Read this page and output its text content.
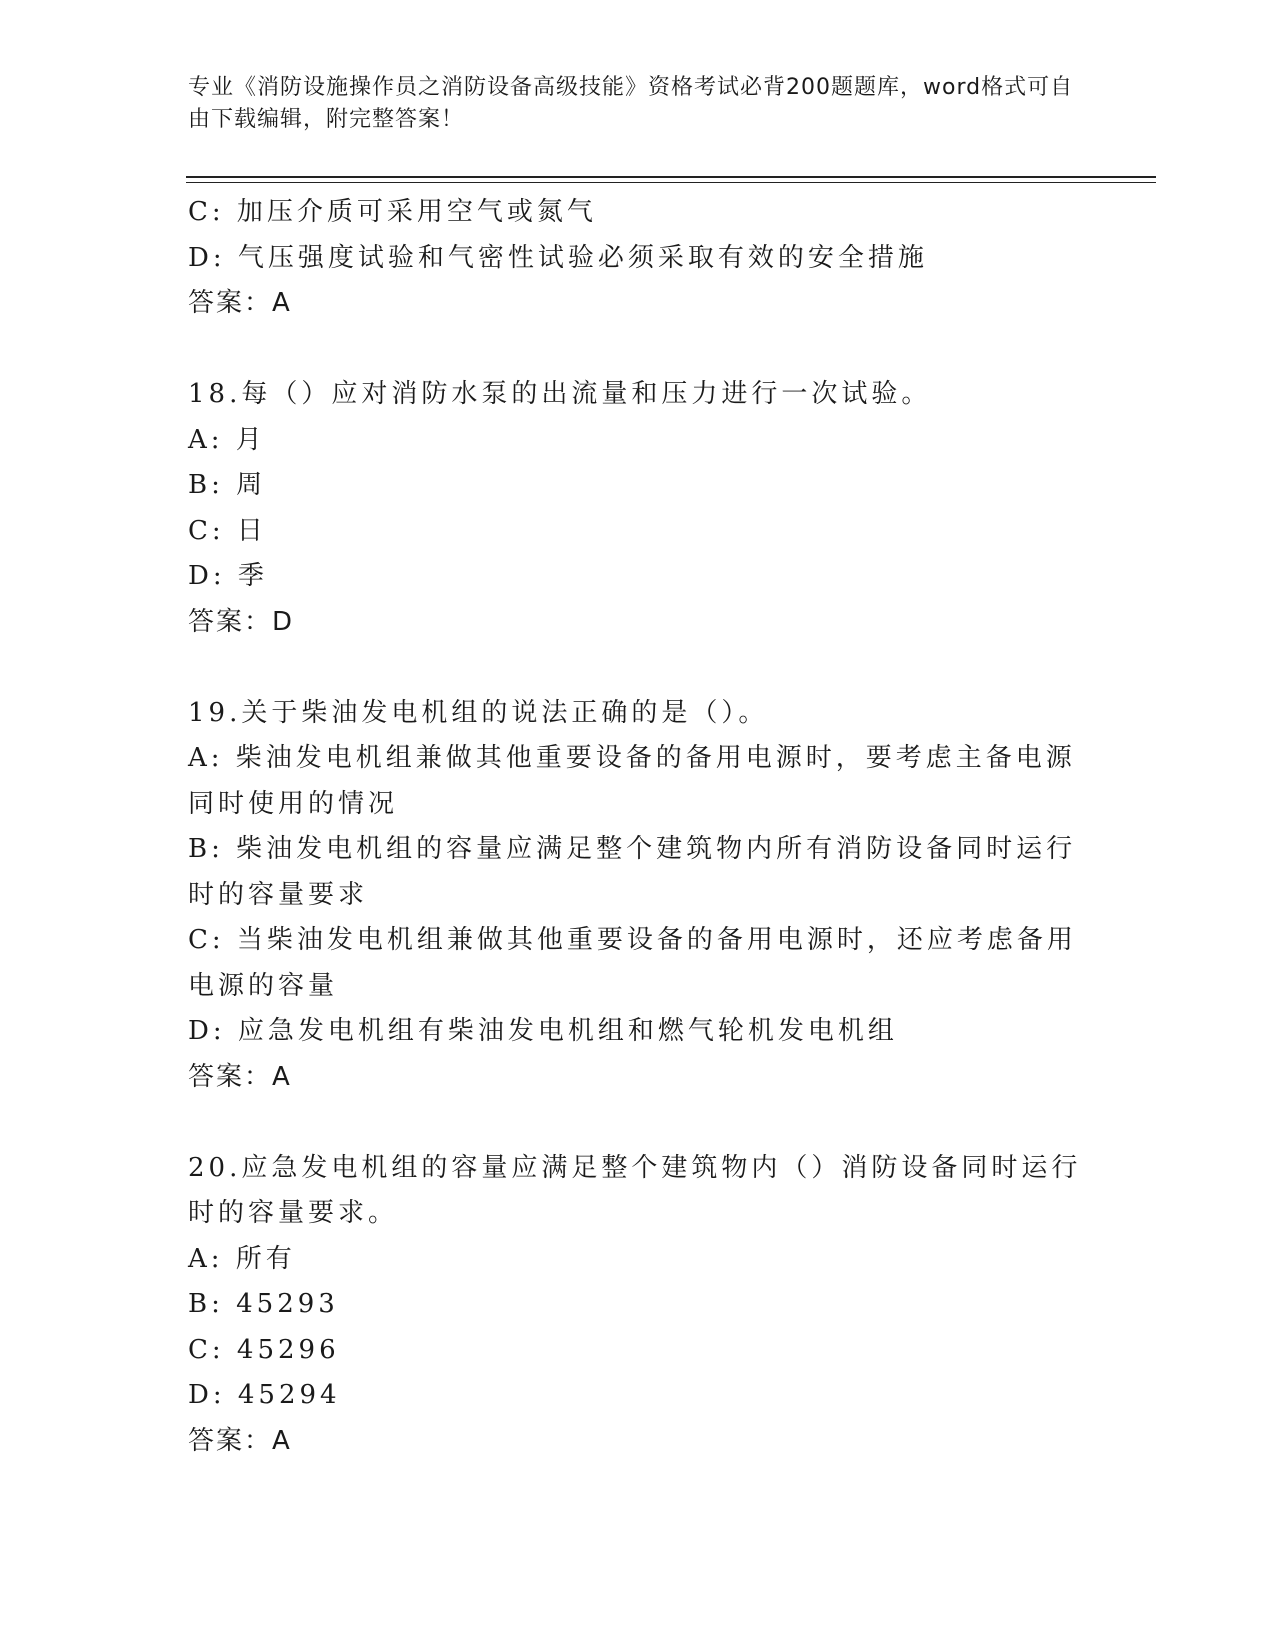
专业《消防设施操作员之消防设备高级技能》资格考试必背200题题库，word格式可自由下载编辑，附完整答案！
C: 加压介质可采用空气或氮气
D: 气压强度试验和气密性试验必须采取有效的安全措施
答案：A
18.每（）应对消防水泵的出流量和压力进行一次试验。
A: 月
B: 周
C: 日
D: 季
答案：D
19.关于柴油发电机组的说法正确的是（）。
A: 柴油发电机组兼做其他重要设备的备用电源时，要考虑主备电源同时使用的情况
B: 柴油发电机组的容量应满足整个建筑物内所有消防设备同时运行时的容量要求
C: 当柴油发电机组兼做其他重要设备的备用电源时，还应考虑备用电源的容量
D: 应急发电机组有柴油发电机组和燃气轮机发电机组
答案：A
20.应急发电机组的容量应满足整个建筑物内（）消防设备同时运行时的容量要求。
A: 所有
B: 45293
C: 45296
D: 45294
答案：A
